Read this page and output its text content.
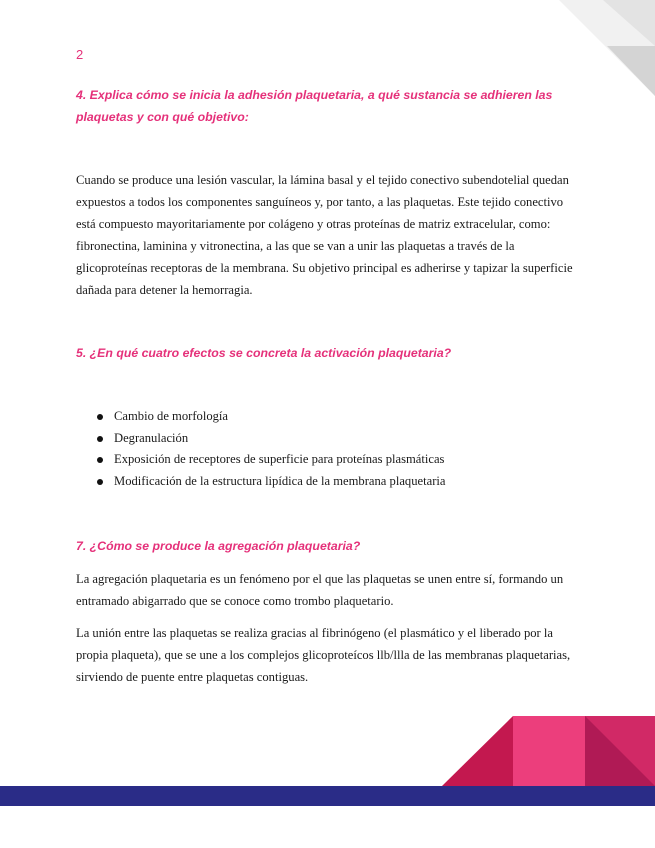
2
4. Explica cómo se inicia la adhesión plaquetaria, a qué sustancia se adhieren las plaquetas y con qué objetivo:

Cuando se produce una lesión vascular, la lámina basal y el tejido conectivo subendotelial quedan expuestos a todos los componentes sanguíneos y, por tanto, a las plaquetas. Este tejido conectivo está compuesto mayoritariamente por colágeno y otras proteínas de matriz extracelular, como: fibronectina, laminina y vitronectina, a las que se van a unir las plaquetas a través de la glicoproteínas receptoras de la membrana. Su objetivo principal es adherirse y tapizar la superficie dañada para detener la hemorragia.

5. ¿En qué cuatro efectos se concreta la activación plaquetaria?
Cambio de morfología
Degranulación
Exposición de receptores de superficie para proteínas plasmáticas
Modificación de la estructura lipídica de la membrana plaquetaria
7. ¿Cómo se produce la agregación plaquetaria?

La agregación plaquetaria es un fenómeno por el que las plaquetas se unen entre sí, formando un entramado abigarrado que se conoce como trombo plaquetario.

La unión entre las plaquetas se realiza gracias al fibrinógeno (el plasmático y el liberado por la propia plaqueta), que se une a los complejos glicoproteícos llb/llla de las membranas plaquetarias, sirviendo de puente entre plaquetas contiguas.
